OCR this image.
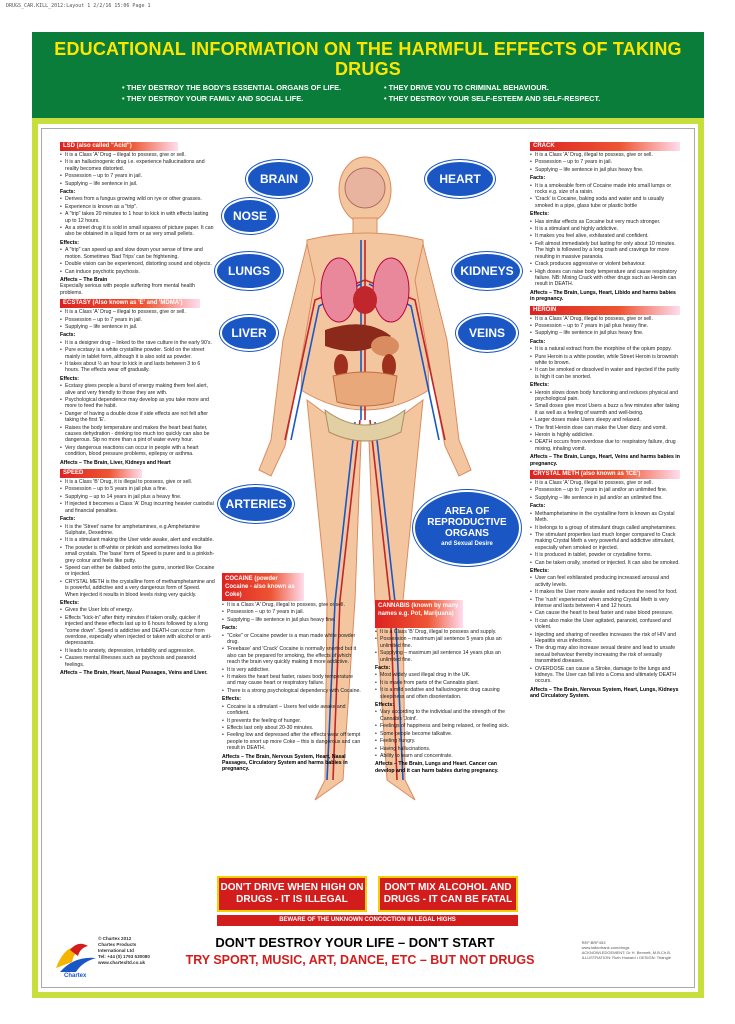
DRUGS_CAR.KILL_2012:Layout 1 2/2/16 15:06 Page 1
EDUCATIONAL INFORMATION ON THE HARMFUL EFFECTS OF TAKING DRUGS
• THEY DESTROY THE BODY'S ESSENTIAL ORGANS OF LIFE.
• THEY DESTROY YOUR FAMILY AND SOCIAL LIFE.
• THEY DRIVE YOU TO CRIMINAL BEHAVIOUR.
• THEY DESTROY YOUR SELF-ESTEEM AND SELF-RESPECT.
LSD (also called "Acid")
• It is a Class 'A' Drug – illegal to possess, give or sell.
• It is an hallucinogenic drug i.e. experience hallucinations and reality becomes distorted.
• Possession – up to 7 years in jail.
• Supplying – life sentence in jail.
Facts:
• Derives from a fungus growing wild on rye or other grasses.
• Experience is known as a "trip".
• A "trip" takes 20 minutes to 1 hour to kick in with effects lasting up to 12 hours.
• As a street drug it is sold in small squares of picture paper. It can also be obtained in a liquid form or as very small pellets.
Effects:
• A "trip" can speed up and slow down your sense of time and motion. Sometimes 'Bad Trips' can be frightening.
• Double vision can be experienced, distorting sound and objects.
• Can induce psychotic psychosis.
Affects – The Brain
Especially serious with people suffering from mental health problems.
ECSTASY (Also known as 'E' and 'MDMA')
• It is a Class 'A' Drug – illegal to possess, give or sell.
• Possession – up to 7 years in jail.
• Supplying – life sentence in jail.
Facts:
• It is a designer drug – linked to the rave culture in the early 90's.
• Pure ecstasy is a white crystalline powder. Sold on the street mainly in tablet form, although it is also sold as powder.
• It takes about ½ an hour to kick in and lasts between 3 to 6 hours. The effects wear off gradually.
Effects:
• Ecstasy gives people a burst of energy making them feel alert, alive and very friendly to those they are with.
• Psychological dependence may develop as you take more and more to feed the habit.
• Danger of having a double dose if side effects are not felt after taking the first 'E'.
• Raises the body temperature and makes the heart beat faster, causes dehydration - drinking too much too quickly can also be dangerous. Sip no more than a pint of water every hour.
• Very dangerous reactions can occur in people with a heart condition, blood pressure problems, epilepsy or asthma.
Affects – The Brain, Liver, Kidneys and Heart
SPEED
• It is a Class 'B' Drug, it is illegal to possess, give or sell.
• Possession – up to 5 years in jail plus a fine.
• Supplying – up to 14 years in jail plus a heavy fine.
• If injected it becomes a Class 'A' Drug incurring heavier custodial and financial penalties.
Facts:
• It is the 'Street' name for amphetamines, e.g.Amphetamine Sulphate, Dexedrine.
• It is a stimulant making the User wide awake, alert and excitable.
• The powder is off-white or pinkish and sometimes looks like small crystals. The 'base' form of Speed is purer and is a pinkish-grey colour and feels like putty.
• Speed can either be dabbed onto the gums, snorted like Cocaine or injected.
• CRYSTAL METH is the crystalline form of methamphetamine and is powerful, addictive and a very dangerous form of Speed. When injected it results in blood levels rising very quickly.
Effects:
• Gives the User lots of energy.
• Effects "kick-in" after thirty minutes if taken orally, quicker if injected and these effects last up to 6 hours followed by a long "come down". Speed is addictive and DEATH can occur from overdose, especially when injected or taken with alcohol or anti-depressants.
• It leads to anxiety, depression, irritability and aggression.
• Causes mental illnesses such as psychosis and paranoid feelings.
Affects – The Brain, Heart, Nasal Passages, Veins and Liver.
CRACK
• It is a Class 'A' Drug, illegal to possess, give or sell.
• Possession – up to 7 years in jail.
• Supplying – life sentence in jail plus heavy fine.
Facts:
• It is a smokeable form of Cocaine made into small lumps or rocks e.g. size of a raisin.
• 'Crack' is Cocaine, baking soda and water and is usually smoked in a pipe, glass tube or plastic bottle
Effects:
• Has similar effects as Cocaine but very much stronger.
• It is a stimulant and highly addictive.
• It makes you feel alive, exhilarated and confident.
• Felt almost immediately but lasting for only about 10 minutes. The high is followed by a long crash and cravings for more resulting in massive paranoia.
• Crack produces aggressive or violent behaviour.
• High doses can raise body temperature and cause respiratory failure. NB: Mixing Crack with other drugs such as Heroin can result in DEATH.
Affects – The Brain, Lungs, Heart, Libido and harms babies in pregnancy.
HEROIN
• It is a Class 'A' Drug, illegal to possess, give or sell.
• Possession – up to 7 years in jail plus heavy fine.
• Supplying – life sentence in jail plus heavy fine.
Facts:
• It is a natural extract from the morphine of the opium poppy.
• Pure Heroin is a white powder, while Street Heroin is brownish white to brown.
• It can be smoked or dissolved in water and injected if the purity is high it can be snorted.
Effects:
• Heroin slows down body functioning and reduces physical and psychological pain.
• Small doses give most Users a buzz a few minutes after taking it as well as a feeling of warmth and well-being.
• Larger doses make Users sleepy and relaxed.
• The first Heroin dose can make the User dizzy and vomit.
• Heroin is highly addictive.
• DEATH occurs from overdose due to: respiratory failure, drug mixing, inhaling vomit.
Affects – The Brain, Lungs, Heart, Veins and harms babies in pregnancy.
CRYSTAL METH (also known as 'ICE')
• It is a Class 'A' Drug, illegal to possess, give or sell.
• Possession – up to 7 years in jail and/or an unlimited fine.
• Supplying – life sentence in jail and/or an unlimited fine.
Facts:
• Methamphetamine in the crystalline form is known as Crystal Meth.
• It belongs to a group of stimulant drugs called amphetamines.
• The stimulant properties last much longer compared to Crack making Crystal Meth a very powerful and addictive stimulant, especially when smoked or injected.
• It is produced in tablet, powder or crystalline forms.
• Can be taken orally, snorted or injected. It can also be smoked.
Effects:
• User can feel exhilarated producing increased arousal and activity levels.
• It makes the User more awake and reduces the need for food.
• The 'rush' experienced when smoking Crystal Meth is very intense and lasts between 4 and 12 hours.
• Can cause the heart to beat faster and raise blood pressure.
• It can also make the User agitated, paranoid, confused and violent.
• Injecting and sharing of needles increases the risk of HIV and Hepatitis virus infections.
• The drug may also increase sexual desire and lead to unsafe sexual behaviour thereby increasing the risk of sexually transmitted diseases.
• OVERDOSE can cause a Stroke, damage to the lungs and kidneys. The User can fall into a Coma and ultimately DEATH occurs.
Affects – The Brain, Nervous System, Heart, Lungs, Kidneys and Circulatory System.
BRAIN
NOSE
LUNGS
LIVER
ARTERIES
HEART
KIDNEYS
VEINS
AREA OF
REPRODUCTIVE
ORGANS
and Sexual Desire
COCAINE (powder Cocaine - also known as Coke)
• It is a Class 'A' Drug, illegal to possess, give or sell.
• Possession – up to 7 years in jail.
• Supplying – life sentence in jail plus heavy fine.
Facts:
• "Coke" or Cocaine powder is a man made white powder drug.
• 'Freebase' and 'Crack' Cocaine is normally snorted but it also can be prepared for smoking, the effects of which reach the brain very quickly making it more addictive.
• It is very addictive.
• It makes the heart beat faster, raises body temperature and may cause heart or respiratory failure.
• There is a strong psychological dependency with Cocaine.
Effects:
• Cocaine is a stimulant – Users feel wide awake and confident.
• It prevents the feeling of hunger.
• Effects last only about 20-30 minutes.
• Feeling low and depressed after the effects wear off tempt people to snort up more Coke – this is dangerous and can result in DEATH.
Affects – The Brain, Nervous System, Heart, Nasal Passages, Circulatory System and harms babies in pregnancy.
CANNABIS (known by many names e.g. Pot, Marijuana)
• It is a Class 'B' Drug, illegal to possess and supply.
• Possession – maximum jail sentence 5 years plus an unlimited fine.
• Supplying – maximum jail sentence 14 years plus an unlimited fine.
Facts:
• Most widely used illegal drug in the UK.
• It is made from parts of the Cannabis plant.
• It is a mild sedative and hallucinogenic drug causing sleepiness and often disorientation.
Effects:
• Vary according to the individual and the strength of the Cannabis 'Joint'.
• Feelings of happiness and being relaxed, or feeling sick.
• Some people become talkative.
• Feeling hungry.
• Having hallucinations.
• Ability to learn and concentrate.
Affects – The Brain, Lungs and Heart. Cancer can develop and it can harm babies during pregnancy.
DON'T DRIVE WHEN HIGH ON DRUGS - IT IS ILLEGAL
DON'T MIX ALCOHOL AND DRUGS - IT CAN BE FATAL
BEWARE OF THE UNKNOWN CONCOCTION IN LEGAL HIGHS
Chartex
© Chartex 2012
Chartex Products
International Ltd
Tel: +44 (0) 1793 530080
www.chartexltd.co.uk
DON'T DESTROY YOUR LIFE – DON'T START
TRY SPORT, MUSIC, ART, DANCE, ETC – BUT NOT DRUGS
REF:BRF453
www.talktofrank.com/drugs
ACKNOWLEDGEMENT: Dr H. Bennett, M.B.Ch.B.
ILLUSTRATION: Ruth Howard • DESIGN: Triangle
